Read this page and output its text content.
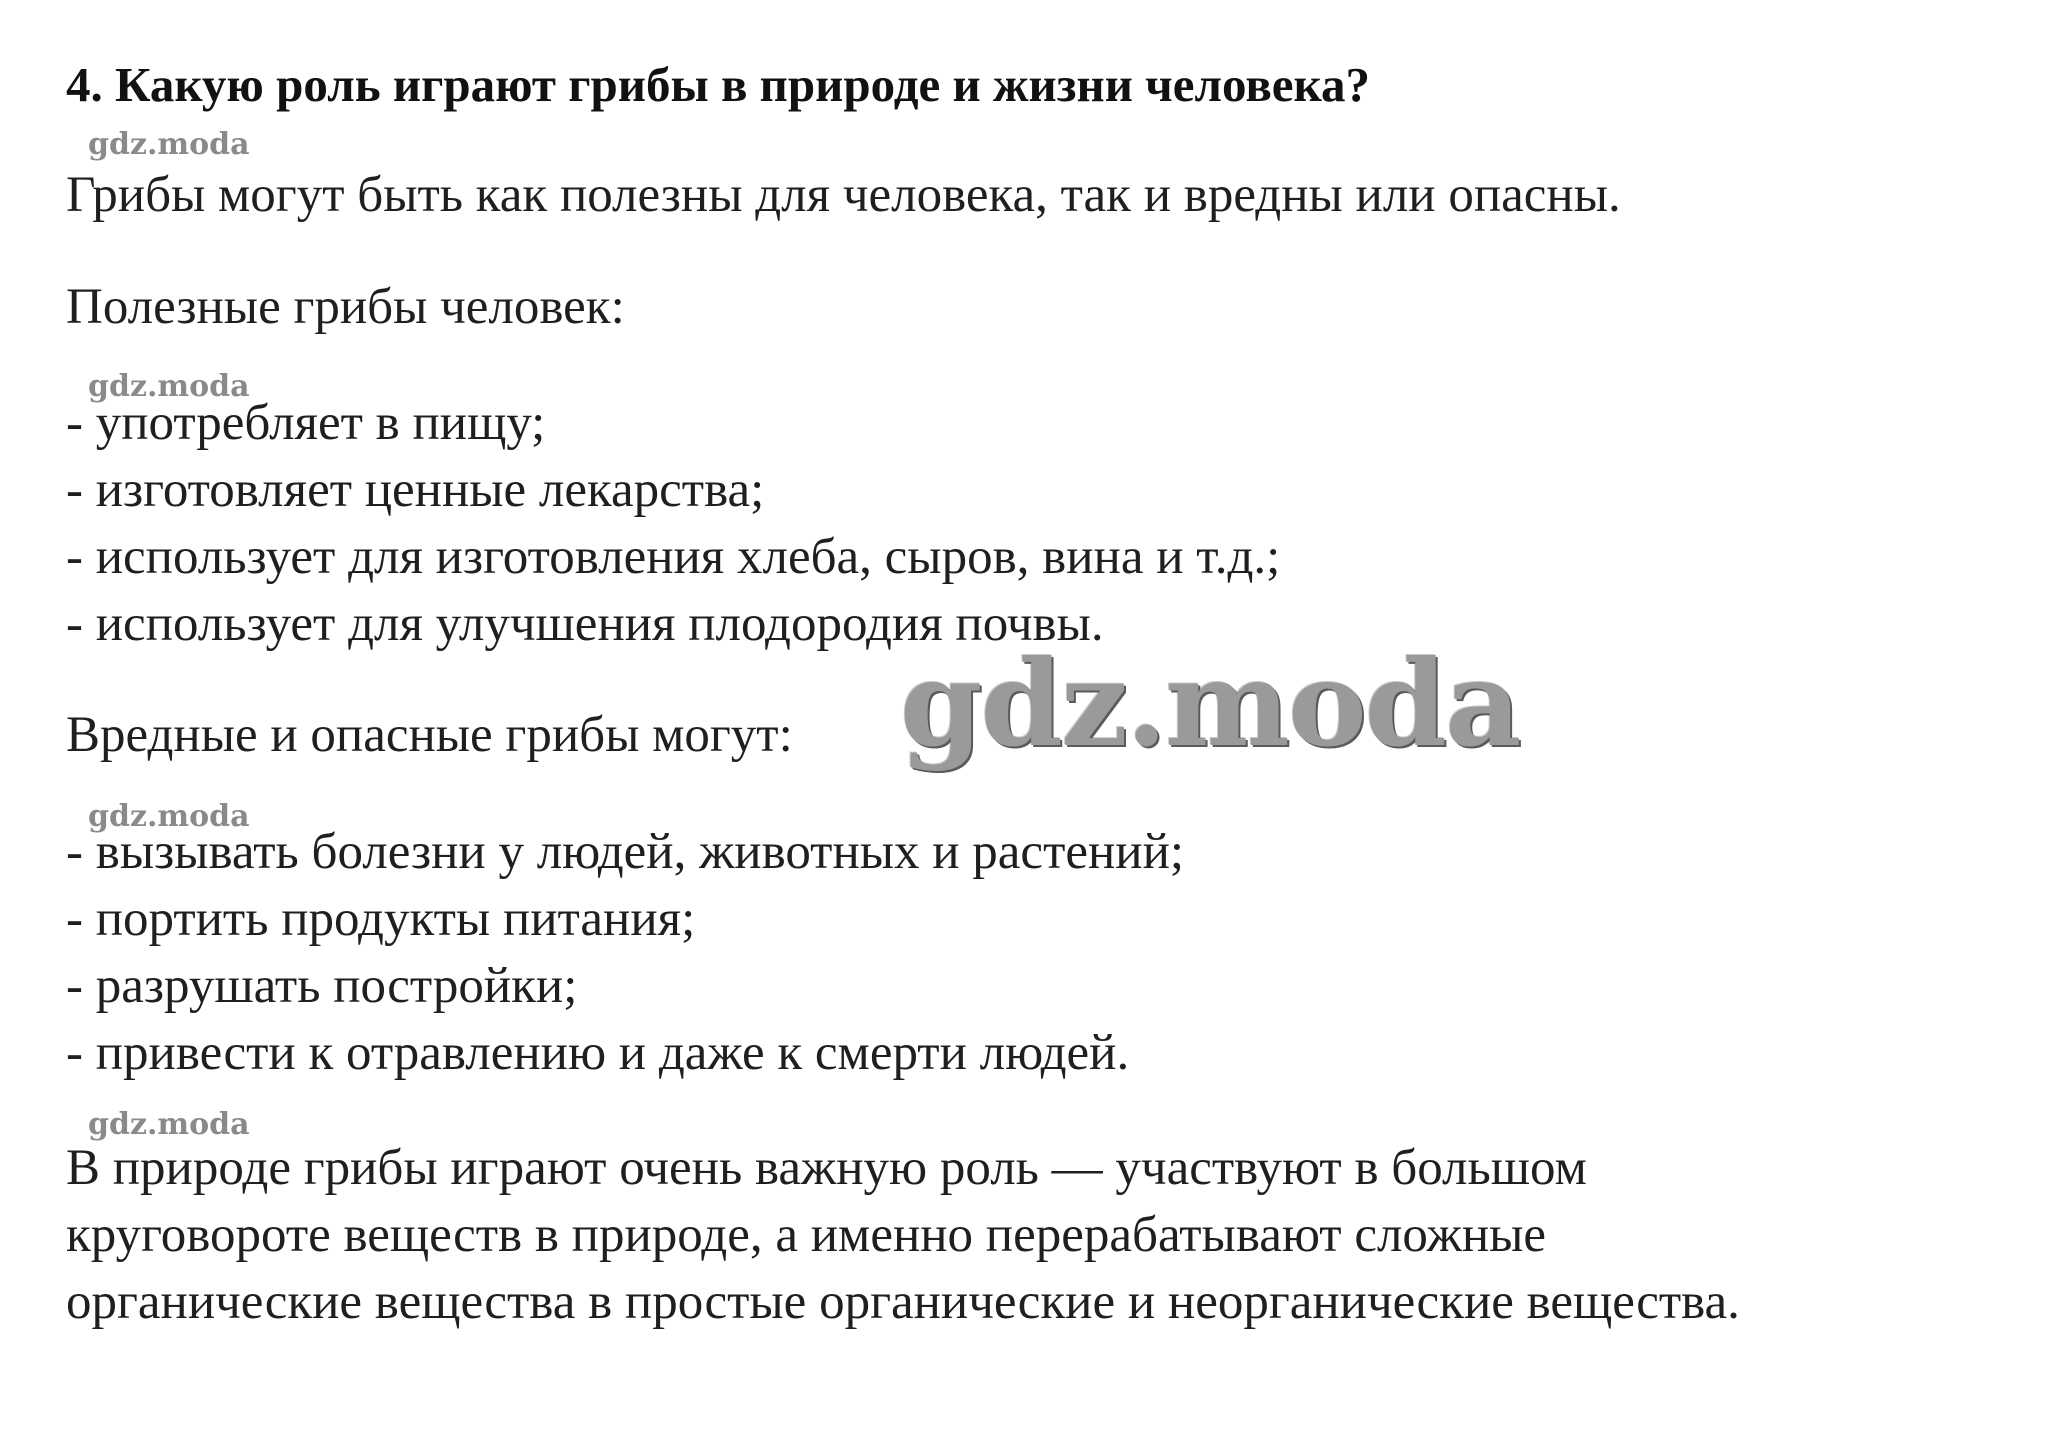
4. Какую роль играют грибы в природе и жизни человека?
gdz.moda
Грибы могут быть как полезны для человека, так и вредны или опасны.
Полезные грибы человек:
gdz.moda
- употребляет в пищу;
- изготовляет ценные лекарства;
- использует для изготовления хлеба, сыров, вина и т.д.;
- использует для улучшения плодородия почвы.
Вредные и опасные грибы могут: gdz.moda
gdz.moda
- вызывать болезни у людей, животных и растений;
- портить продукты питания;
- разрушать постройки;
- привести к отравлению и даже к смерти людей.
gdz.moda
В природе грибы играют очень важную роль — участвуют в большом
круговороте веществ в природе, а именно перерабатывают сложные
органические вещества в простые органические и неорганические вещества.
